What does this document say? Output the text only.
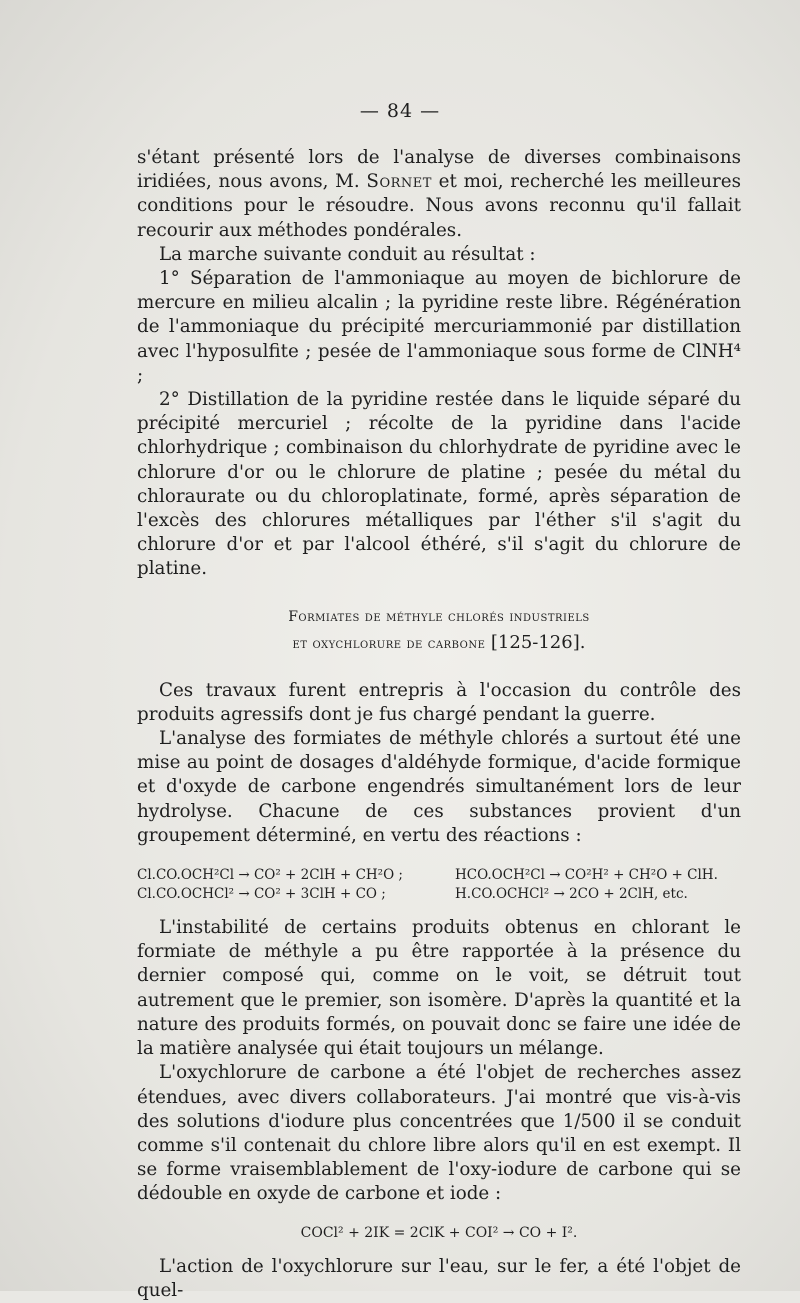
— 84 —

s'étant présenté lors de l'analyse de diverses combinaisons iridiées, nous avons, M. Sornet et moi, recherché les meilleures conditions pour le résoudre. Nous avons reconnu qu'il fallait recourir aux méthodes pondérales.

La marche suivante conduit au résultat :

1° Séparation de l'ammoniaque au moyen de bichlorure de mercure en milieu alcalin ; la pyridine reste libre. Régénération de l'ammoniaque du précipité mercuriammonié par distillation avec l'hyposulfite ; pesée de l'ammoniaque sous forme de ClNH⁴ ;

2° Distillation de la pyridine restée dans le liquide séparé du précipité mercuriel ; récolte de la pyridine dans l'acide chlorhydrique ; combinaison du chlorhydrate de pyridine avec le chlorure d'or ou le chlorure de platine ; pesée du métal du chloraurate ou du chloroplatinate, formé, après séparation de l'excès des chlorures métalliques par l'éther s'il s'agit du chlorure d'or et par l'alcool éthéré, s'il s'agit du chlorure de platine.

Formiates de méthyle chlorés industriels
et oxychlorure de carbone [125-126].

Ces travaux furent entrepris à l'occasion du contrôle des produits agressifs dont je fus chargé pendant la guerre.

L'analyse des formiates de méthyle chlorés a surtout été une mise au point de dosages d'aldéhyde formique, d'acide formique et d'oxyde de carbone engendrés simultanément lors de leur hydrolyse. Chacune de ces substances provient d'un groupement déterminé, en vertu des réactions :

Cl.CO.OCH²Cl → CO² + 2ClH + CH²O ;	HCO.OCH²Cl → CO²H² + CH²O + ClH.
Cl.CO.OCHCl² → CO² + 3ClH + CO ;	H.CO.OCHCl² → 2CO + 2ClH, etc.

L'instabilité de certains produits obtenus en chlorant le formiate de méthyle a pu être rapportée à la présence du dernier composé qui, comme on le voit, se détruit tout autrement que le premier, son isomère. D'après la quantité et la nature des produits formés, on pouvait donc se faire une idée de la matière analysée qui était toujours un mélange.

L'oxychlorure de carbone a été l'objet de recherches assez étendues, avec divers collaborateurs. J'ai montré que vis-à-vis des solutions d'iodure plus concentrées que 1/500 il se conduit comme s'il contenait du chlore libre alors qu'il en est exempt. Il se forme vraisemblablement de l'oxy-iodure de carbone qui se dédouble en oxyde de carbone et iode :

COCl² + 2IK = 2ClK + COI² → CO + I².

L'action de l'oxychlorure sur l'eau, sur le fer, a été l'objet de quel-
